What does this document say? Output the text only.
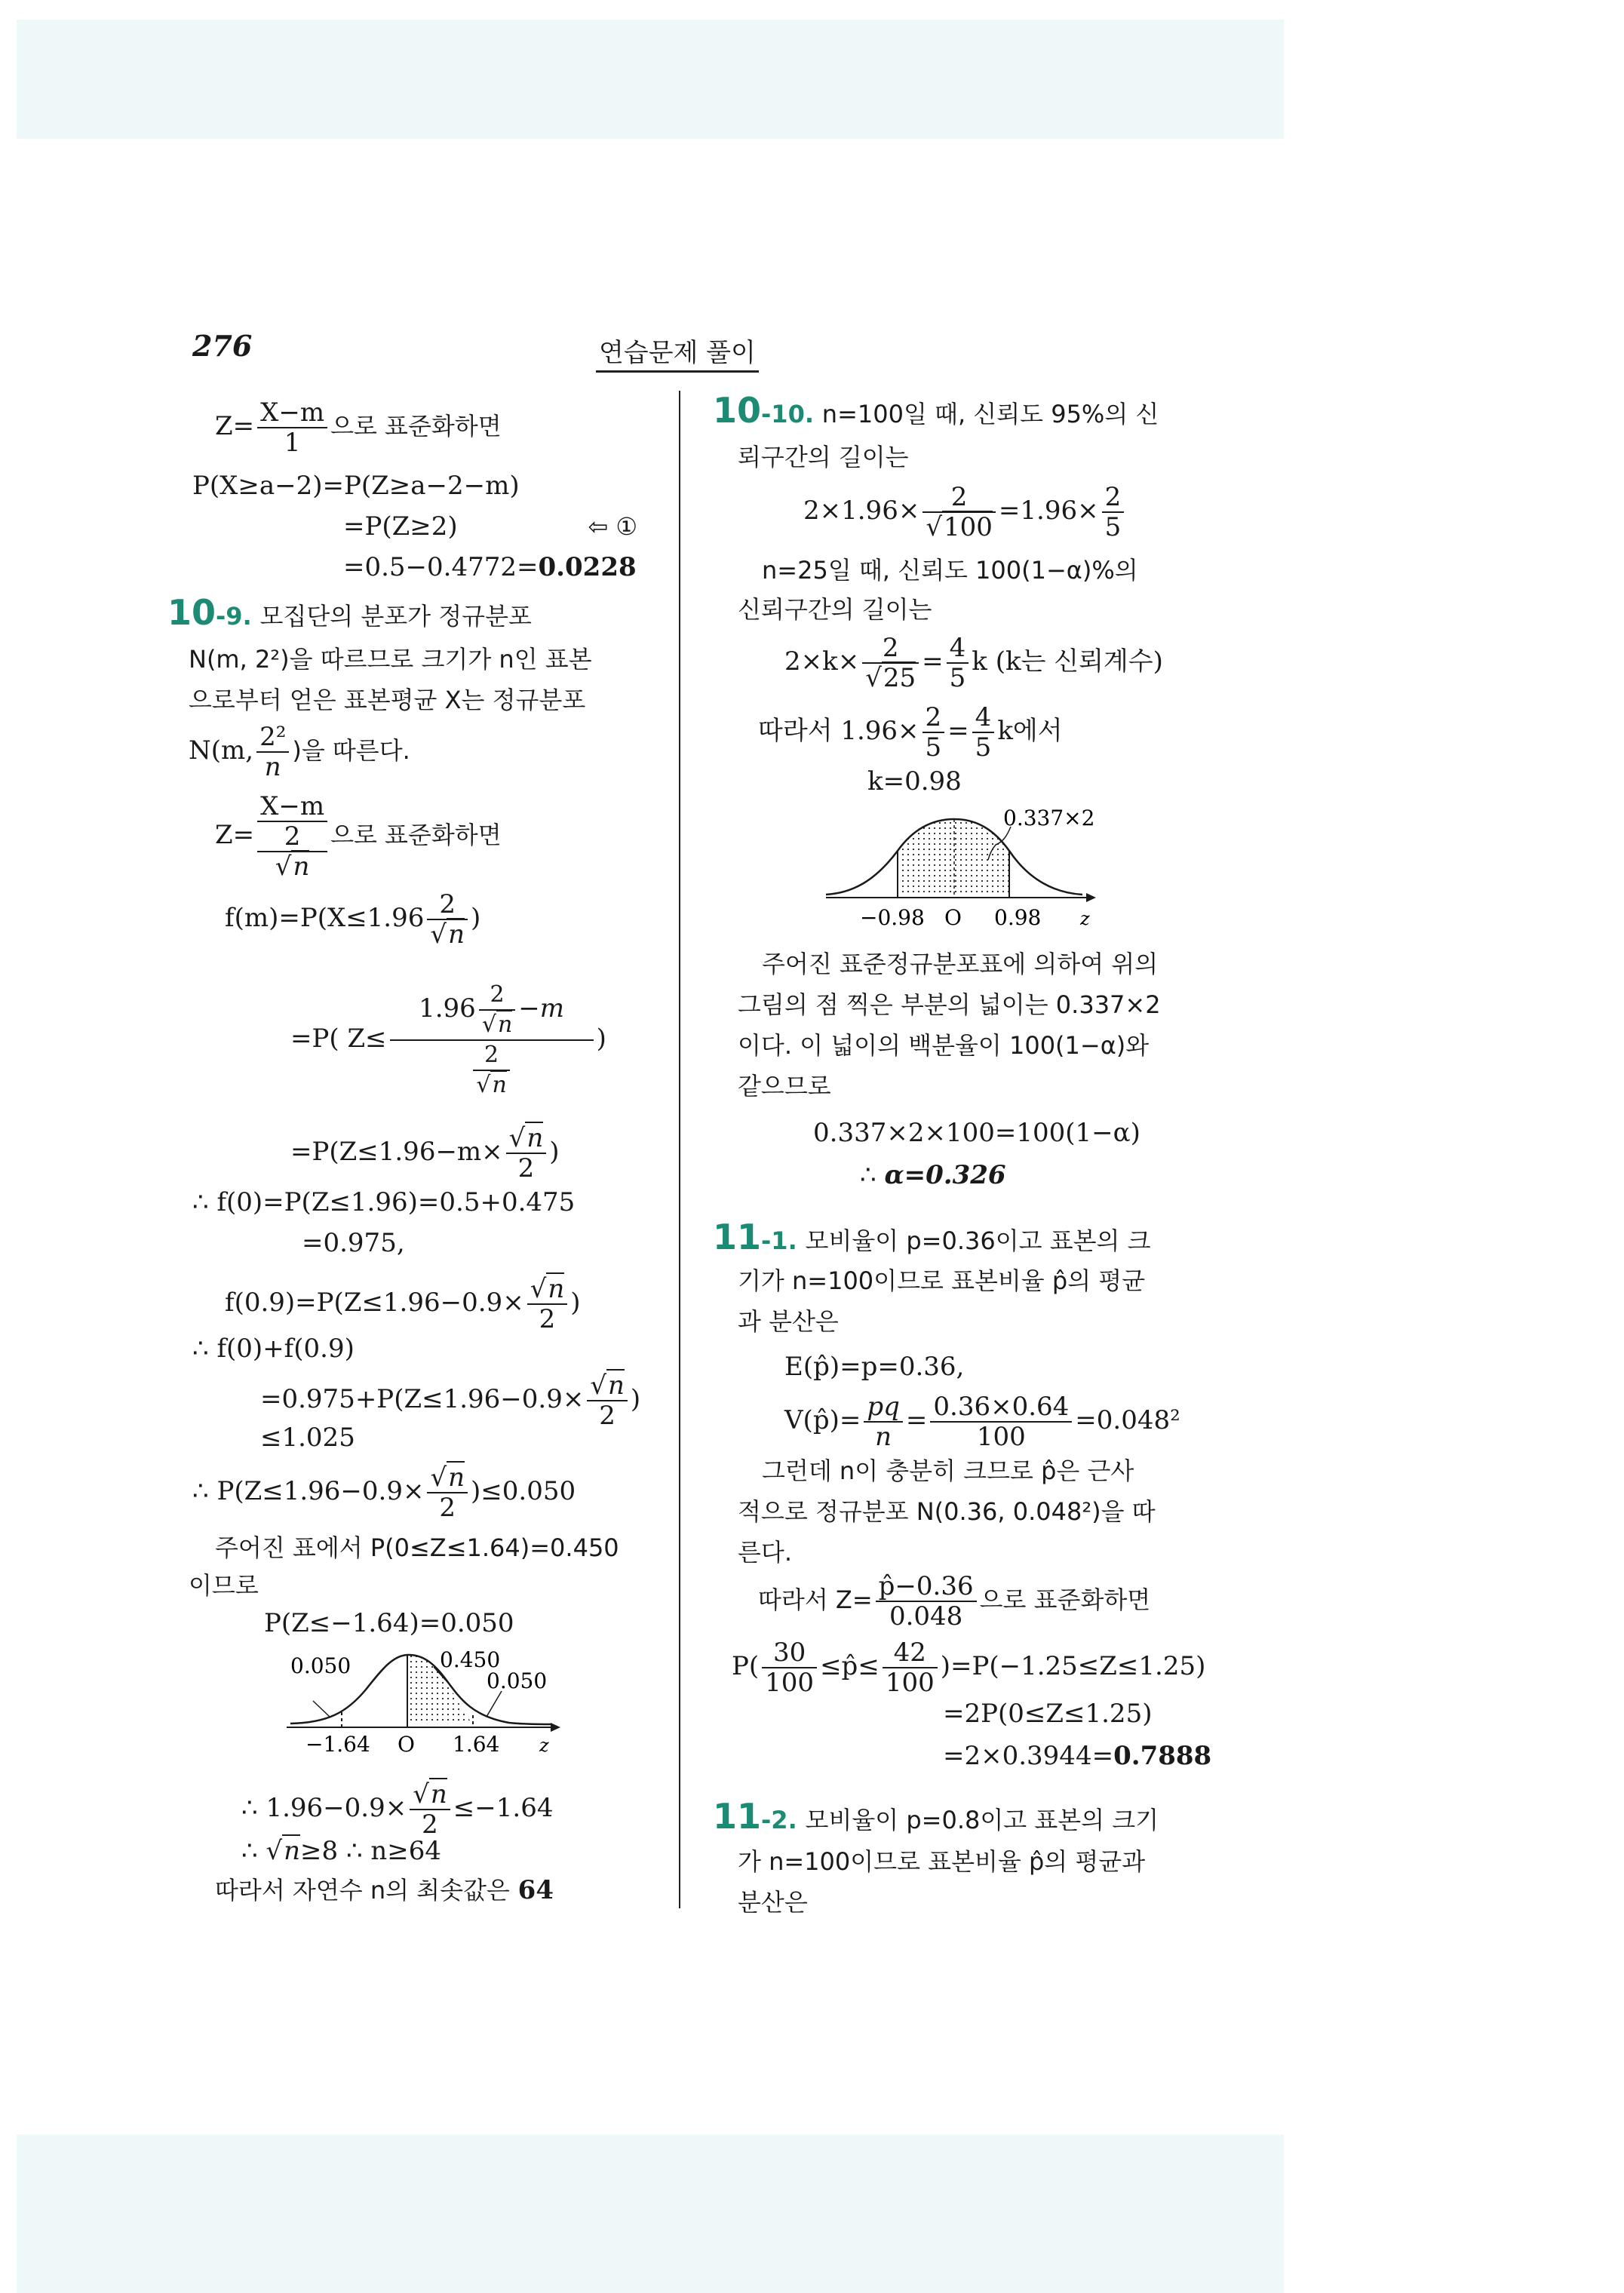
276	연습문제 풀이
$Z= \frac{X-m}{1}$ 으로 표준화하면
P(X≥a−2)=P(Z≥a−2−m)
=P(Z≥2)	⇦ ①
=0.5−0.4772=0.0228
10-9. 모집단의 분포가 정규분포
N(m, 2²)을 따르므로 크기가 n인 표본
으로부터 얻은 표본평균 X는 정규분포
N(m, $\frac{\text{2²}}{n}$ )을 따른다.
Z=
X−m
2
√n
으로 표준화하면
$f(m)=P(X\le 1.96 \frac{2}{√n}$ )
=P( $Z\le \frac{1.96 \frac{2}{√n} -m}{\frac{2}{√n}}$ )
$=P(Z\le 1.96-m\times \frac{√n}{2}$ )
∴ f(0)=P(Z≤1.96)=0.5+0.475
=0.975,
$f(0.9)=P(Z\le 1.96-0.9\times \frac{√n}{2}$ )
∴ f(0)+f(0.9)
$=0.975+P(Z\le 1.96-0.9\times \frac{√n}{2}$ )
≤1.025
∴ $P(Z\le 1.96-0.9\times \frac{√n}{2} )\le 0.050$
주어진 표에서 P(0≤Z≤1.64)=0.450
이므로
P(Z≤−1.64)=0.050
0.050	0.450
0.050
−1.64 O 1.64 z
∴ $1.96-0.9\times \frac{√n}{2} \le-1.64$
∴ √n≥8 ∴ n≥64
따라서 자연수 n의 최솟값은 64
10-10. n=100일 때, 신뢰도 95%의 신
뢰구간의 길이는
$2\times 1.96\times \frac{2}{√100} =1.96\times \frac{2}{5}$
n=25일 때, 신뢰도 100(1−α)%의
신뢰구간의 길이는
$2\times k\times \frac{2}{√25} = \frac{4}{5}$ k (k는 신뢰계수)
따라서 $1.96\times \frac{2}{5} = \frac{4}{5}$ k에서
k=0.98
0.337×2
−0.98 O 0.98 z
주어진 표준정규분포표에 의하여 위의
그림의 점 찍은 부분의 넓이는 0.337×2
이다. 이 넓이의 백분율이 100(1−α)와
같으므로
0.337×2×100=100(1−α)
∴ α=0.326
11-1. 모비율이 p=0.36이고 표본의 크
기가 n=100이므로 표본비율 p̂의 평균
과 분산은
E(p̂)=p=0.36,
V(p̂)= $\frac{pq}{n} = \frac{0.36\times 0.64}{100} =0.048^2$
그런데 n이 충분히 크므로 p̂은 근사
적으로 정규분포 N(0.36, 0.048²)을 따
른다.
따라서 $Z= \frac{p̂-0.36}{0.048}$ 으로 표준화하면
$P( \frac{30}{100}$ ≤p̂≤ $\frac{42}{100} )=P(-1.25\le Z\le 1.25)$
=2P(0≤Z≤1.25)
=2×0.3944=0.7888
11-2. 모비율이 p=0.8이고 표본의 크기
가 n=100이므로 표본비율 p̂의 평균과
분산은
